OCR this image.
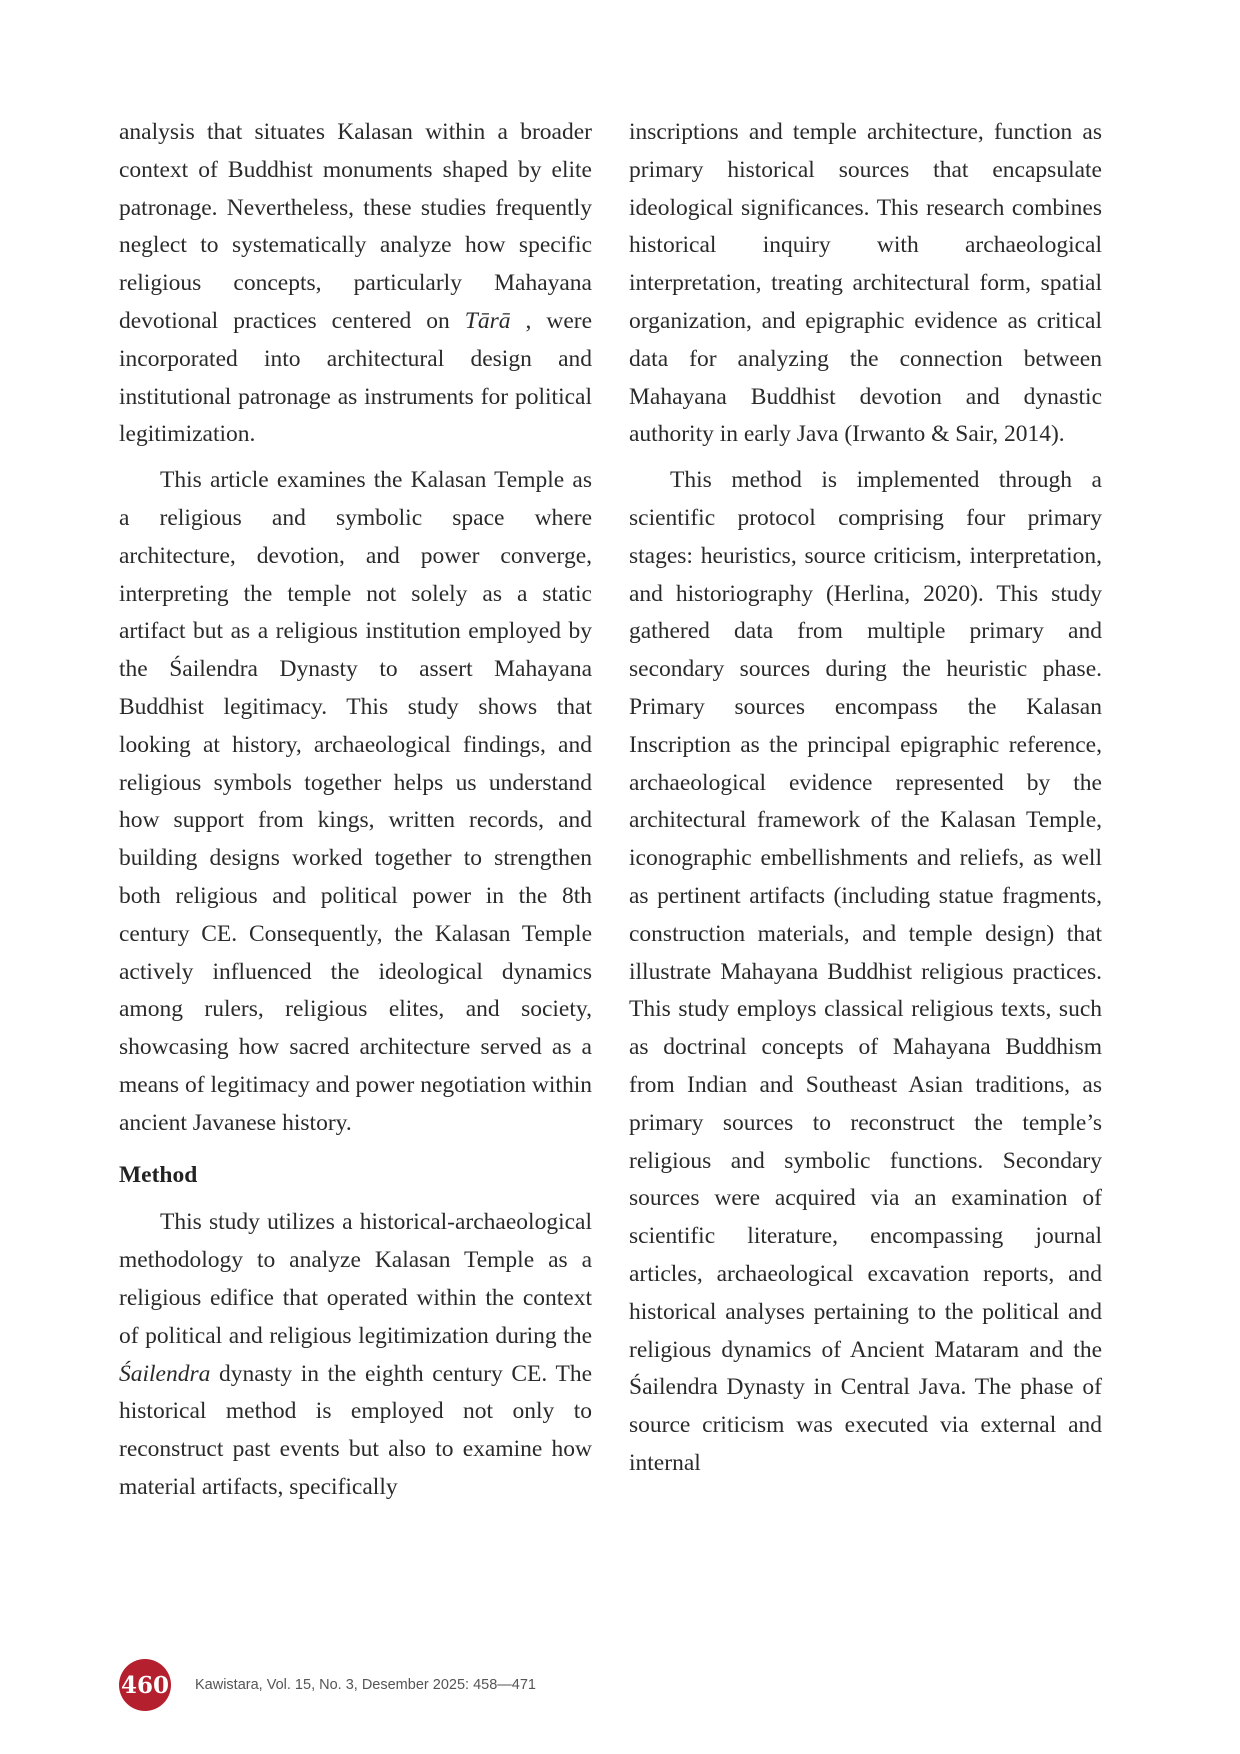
analysis that situates Kalasan within a broader context of Buddhist monuments shaped by elite patronage. Nevertheless, these studies frequently neglect to systematically analyze how specific religious concepts, particularly Mahayana devotional practices centered on Tārā , were incorporated into architectural design and institutional patronage as instruments for political legitimization.

This article examines the Kalasan Temple as a religious and symbolic space where architecture, devotion, and power converge, interpreting the temple not solely as a static artifact but as a religious institution employed by the Śailendra Dynasty to assert Mahayana Buddhist legitimacy. This study shows that looking at history, archaeological findings, and religious symbols together helps us understand how support from kings, written records, and building designs worked together to strengthen both religious and political power in the 8th century CE. Consequently, the Kalasan Temple actively influenced the ideological dynamics among rulers, religious elites, and society, showcasing how sacred architecture served as a means of legitimacy and power negotiation within ancient Javanese history.

Method

This study utilizes a historical-archaeological methodology to analyze Kalasan Temple as a religious edifice that operated within the context of political and religious legitimization during the Śailendra dynasty in the eighth century CE. The historical method is employed not only to reconstruct past events but also to examine how material artifacts, specifically

inscriptions and temple architecture, function as primary historical sources that encapsulate ideological significances. This research combines historical inquiry with archaeological interpretation, treating architectural form, spatial organization, and epigraphic evidence as critical data for analyzing the connection between Mahayana Buddhist devotion and dynastic authority in early Java (Irwanto & Sair, 2014).

This method is implemented through a scientific protocol comprising four primary stages: heuristics, source criticism, interpretation, and historiography (Herlina, 2020). This study gathered data from multiple primary and secondary sources during the heuristic phase. Primary sources encompass the Kalasan Inscription as the principal epigraphic reference, archaeological evidence represented by the architectural framework of the Kalasan Temple, iconographic embellishments and reliefs, as well as pertinent artifacts (including statue fragments, construction materials, and temple design) that illustrate Mahayana Buddhist religious practices. This study employs classical religious texts, such as doctrinal concepts of Mahayana Buddhism from Indian and Southeast Asian traditions, as primary sources to reconstruct the temple’s religious and symbolic functions. Secondary sources were acquired via an examination of scientific literature, encompassing journal articles, archaeological excavation reports, and historical analyses pertaining to the political and religious dynamics of Ancient Mataram and the Śailendra Dynasty in Central Java. The phase of source criticism was executed via external and internal

460 Kawistara, Vol. 15, No. 3, Desember 2025: 458—471
